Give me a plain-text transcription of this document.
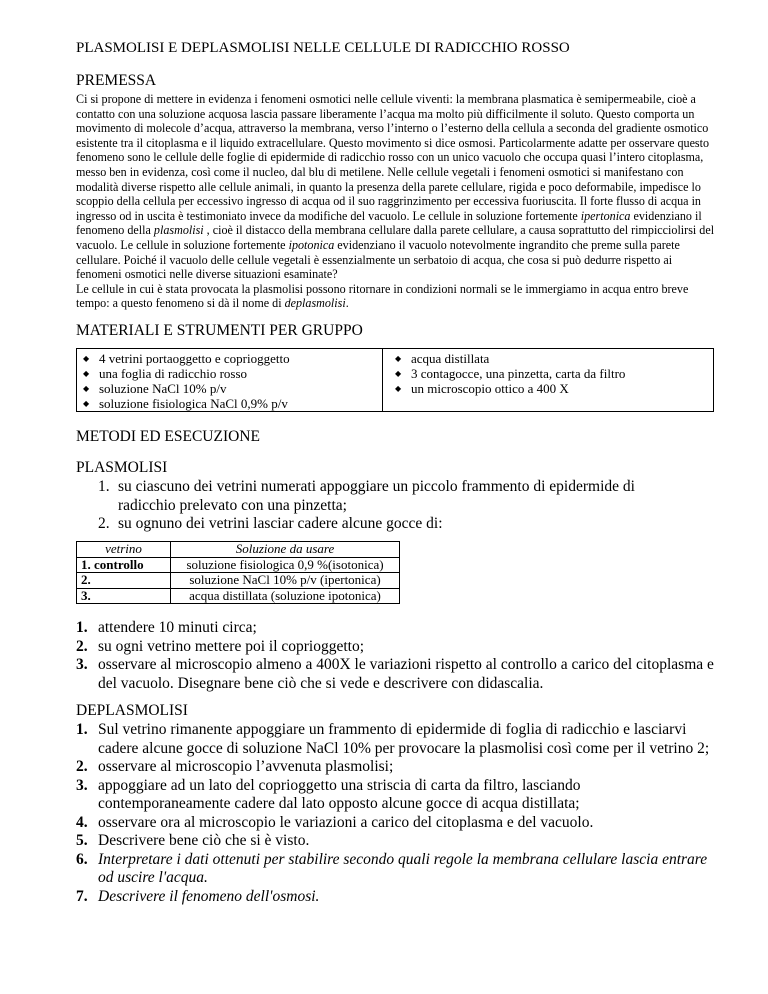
PLASMOLISI E DEPLASMOLISI NELLE CELLULE DI RADICCHIO ROSSO
PREMESSA
Ci si propone di mettere in evidenza i fenomeni osmotici nelle cellule viventi: la membrana plasmatica è semipermeabile, cioè a contatto con una soluzione acquosa lascia passare liberamente l’acqua ma molto più difficilmente il soluto. Questo comporta un movimento di molecole d’acqua, attraverso la membrana, verso l’interno o l’esterno della cellula a seconda del gradiente osmotico esistente tra il citoplasma e il liquido extracellulare. Questo movimento si dice osmosi. Particolarmente adatte per osservare questo fenomeno sono le cellule delle foglie di epidermide di radicchio rosso con un unico vacuolo che occupa quasi l’intero citoplasma, messo ben in evidenza, così come il nucleo, dal blu di metilene. Nelle cellule vegetali i fenomeni osmotici si manifestano con modalità diverse rispetto alle cellule animali, in quanto la presenza della parete cellulare, rigida e poco deformabile, impedisce lo scoppio della cellula per eccessivo ingresso di acqua od il suo raggrinzimento per eccessiva fuoriuscita. Il forte flusso di acqua in ingresso od in uscita è testimoniato invece da modifiche del vacuolo. Le cellule in soluzione fortemente ipertonica evidenziano il fenomeno della plasmolisi , cioè il distacco della membrana cellulare dalla parete cellulare, a causa soprattutto del rimpicciolirsi del vacuolo. Le cellule in soluzione fortemente ipotonica evidenziano il vacuolo notevolmente ingrandito che preme sulla parete cellulare. Poiché il vacuolo delle cellule vegetali è essenzialmente un serbatoio di acqua, che cosa si può dedurre rispetto ai fenomeni osmotici nelle diverse situazioni esaminate?
Le cellule in cui è stata provocata la plasmolisi possono ritornare in condizioni normali se le immergiamo in acqua entro breve tempo: a questo fenomeno si dà il nome di deplasmolisi.
MATERIALI E STRUMENTI PER GRUPPO
◆ 4 vetrini portaoggetto e coprioggetto
◆ una foglia di radicchio rosso
◆ soluzione NaCl 10% p/v
◆ soluzione fisiologica NaCl 0,9% p/v
◆ acqua distillata
◆ 3 contagocce, una pinzetta, carta da filtro
◆ un microscopio ottico a 400 X
METODI ED ESECUZIONE
PLASMOLISI
1. su ciascuno dei vetrini numerati appoggiare un piccolo frammento di epidermide di radicchio prelevato con una pinzetta;
2. su ognuno dei vetrini lasciar cadere alcune gocce di:
vetrino	Soluzione da usare
1. controllo	soluzione fisiologica 0,9 %(isotonica)
2.	soluzione NaCl 10% p/v (ipertonica)
3.	acqua distillata (soluzione ipotonica)
1. attendere 10 minuti circa;
2. su ogni vetrino mettere poi il coprioggetto;
3. osservare al microscopio almeno a 400X le variazioni rispetto al controllo a carico del citoplasma e del vacuolo. Disegnare bene ciò che si vede e descrivere con didascalia.
DEPLASMOLISI
1. Sul vetrino rimanente appoggiare un frammento di epidermide di foglia di radicchio e lasciarvi cadere alcune gocce di soluzione NaCl 10% per provocare la plasmolisi così come per il vetrino 2;
2. osservare al microscopio l’avvenuta plasmolisi;
3. appoggiare ad un lato del coprioggetto una striscia di carta da filtro, lasciando contemporaneamente cadere dal lato opposto alcune gocce di acqua distillata;
4. osservare ora al microscopio le variazioni a carico del citoplasma e del vacuolo.
5. Descrivere bene ciò che si è visto.
6. Interpretare i dati ottenuti per stabilire secondo quali regole la membrana cellulare lascia entrare od uscire l'acqua.
7. Descrivere il fenomeno dell'osmosi.
